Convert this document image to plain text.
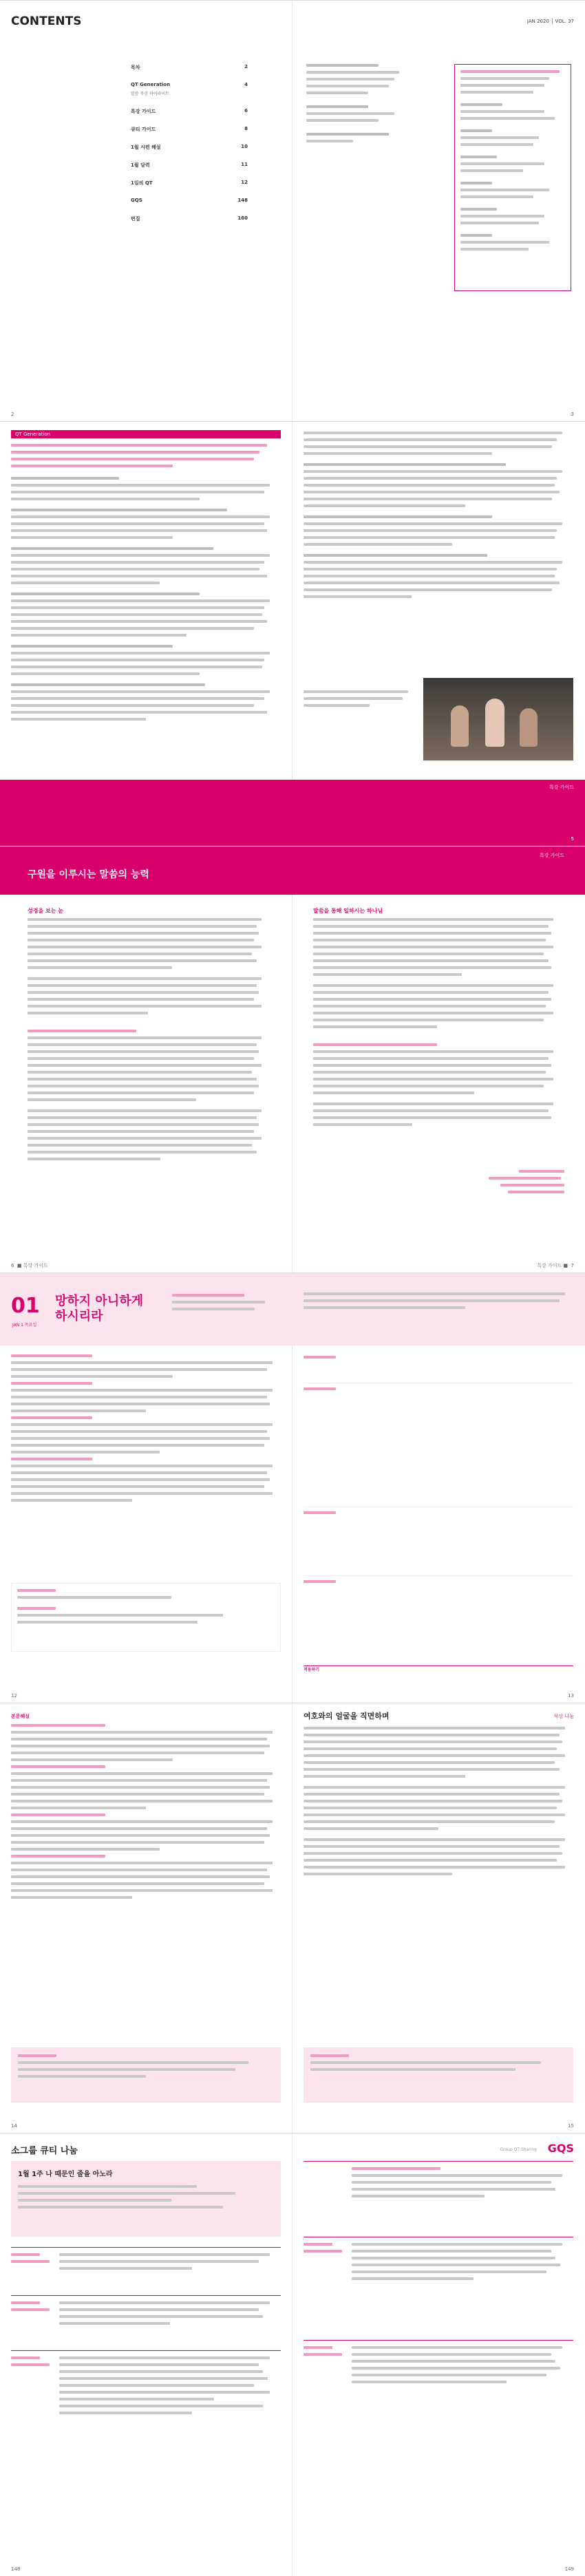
CONTENTS
목차	2
QT Generation	4
말씀 묵상 하이라이트
특강 가이드	6
큐티 가이드	8
1월 시편 해설	10
1월 달력	11
1일의 QT	12
GQS	148
편집	160
2
JAN 2020 │ VOL. 37
3
QT Generation
특강 가이드
5
구원을 이루시는 말씀의 능력
특강 가이드
성경을 보는 눈
6  ■ 특강 가이드
말씀을 통해 일하시는 하나님
특강 가이드 ■  7
01
JAN 1 목요일
망하지 아니하게 하시리라
12
적용하기
13
본문해설
14
여호와의 얼굴을 직면하며	묵상 나눔
15
소그룹 큐티 나눔
1월 1주 나 때문인 줄을 아노라
148
Group QT Sharing GQS
149
